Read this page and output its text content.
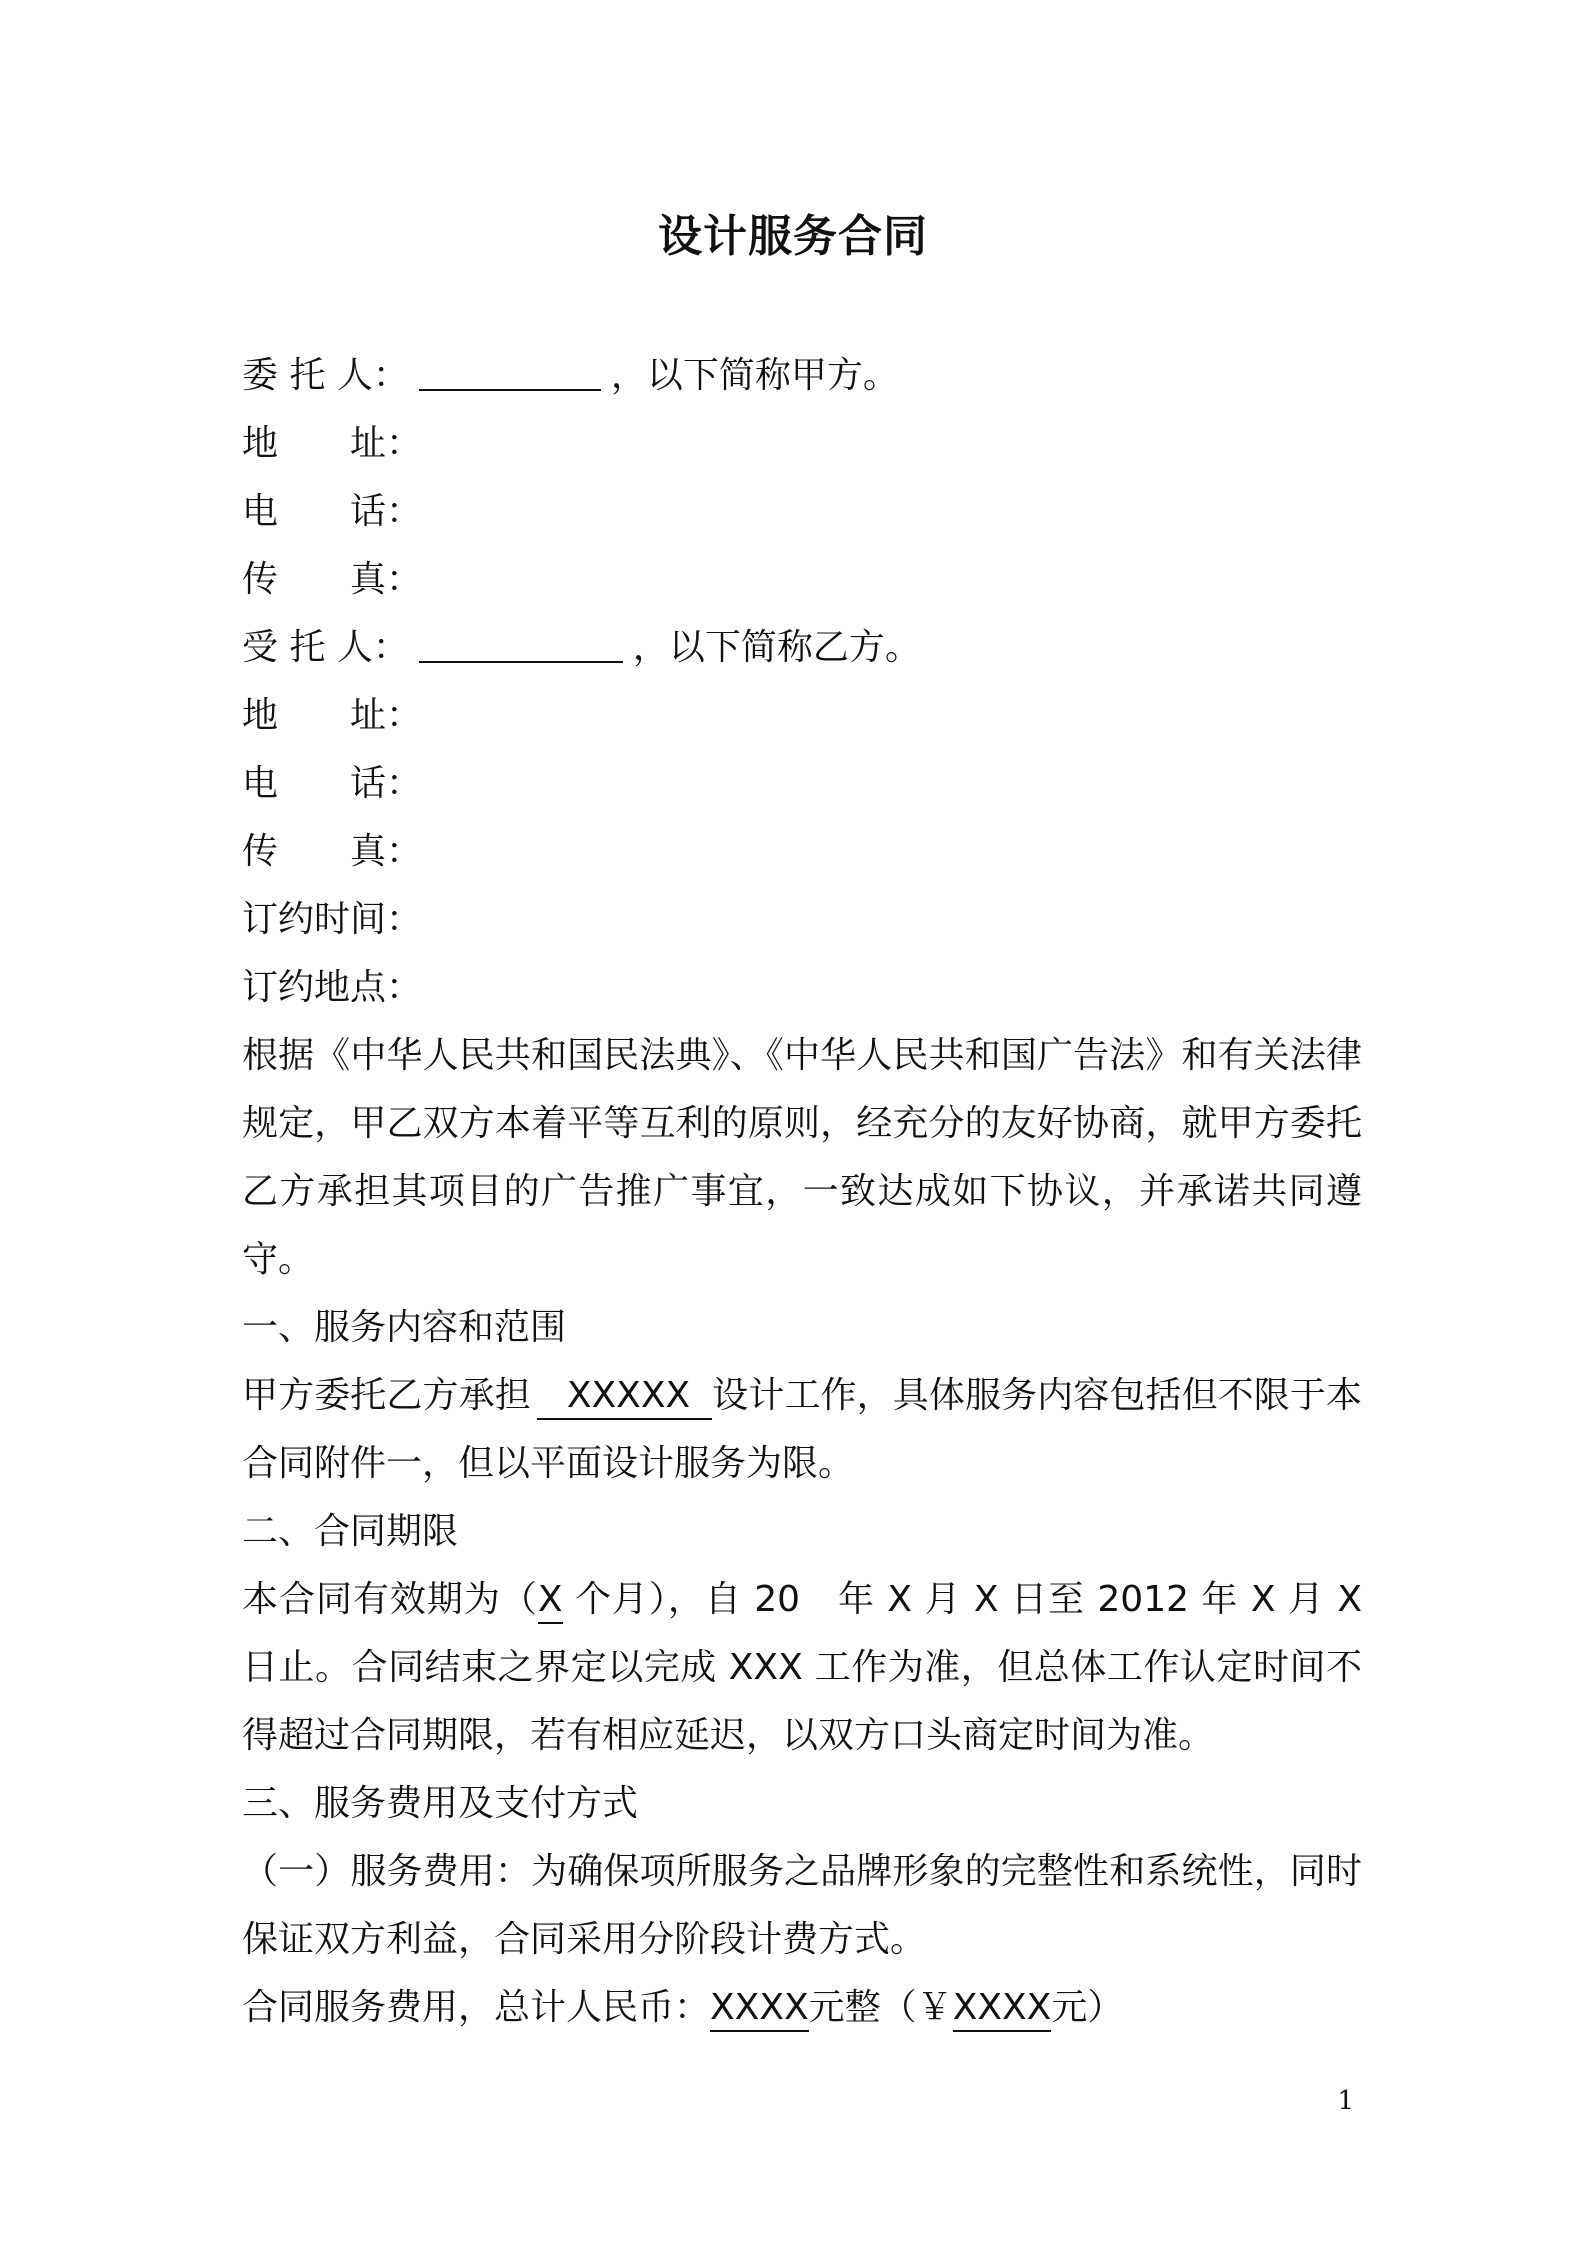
设计服务合同
委 托 人：	，以下简称甲方。
地　　址：
电　　话：
传　　真：
受 托 人：	，以下简称乙方。
地　　址：
电　　话：
传　　真：
订约时间：
订约地点：
根据《中华人民共和国民法典》、《中华人民共和国广告法》和有关法律规定，甲乙双方本着平等互利的原则，经充分的友好协商，就甲方委托乙方承担其项目的广告推广事宜，一致达成如下协议，并承诺共同遵守。
一、服务内容和范围
甲方委托乙方承担 XXXXX 设计工作，具体服务内容包括但不限于本合同附件一，但以平面设计服务为限。
二、合同期限
本合同有效期为（X 个月），自 20　年 X 月 X 日至 2012 年 X 月 X 日止。合同结束之界定以完成 XXX 工作为准，但总体工作认定时间不得超过合同期限，若有相应延迟，以双方口头商定时间为准。
三、服务费用及支付方式
（一）服务费用：为确保项所服务之品牌形象的完整性和系统性，同时保证双方利益，合同采用分阶段计费方式。
合同服务费用，总计人民币：XXXX元整（￥XXXX元）
1
